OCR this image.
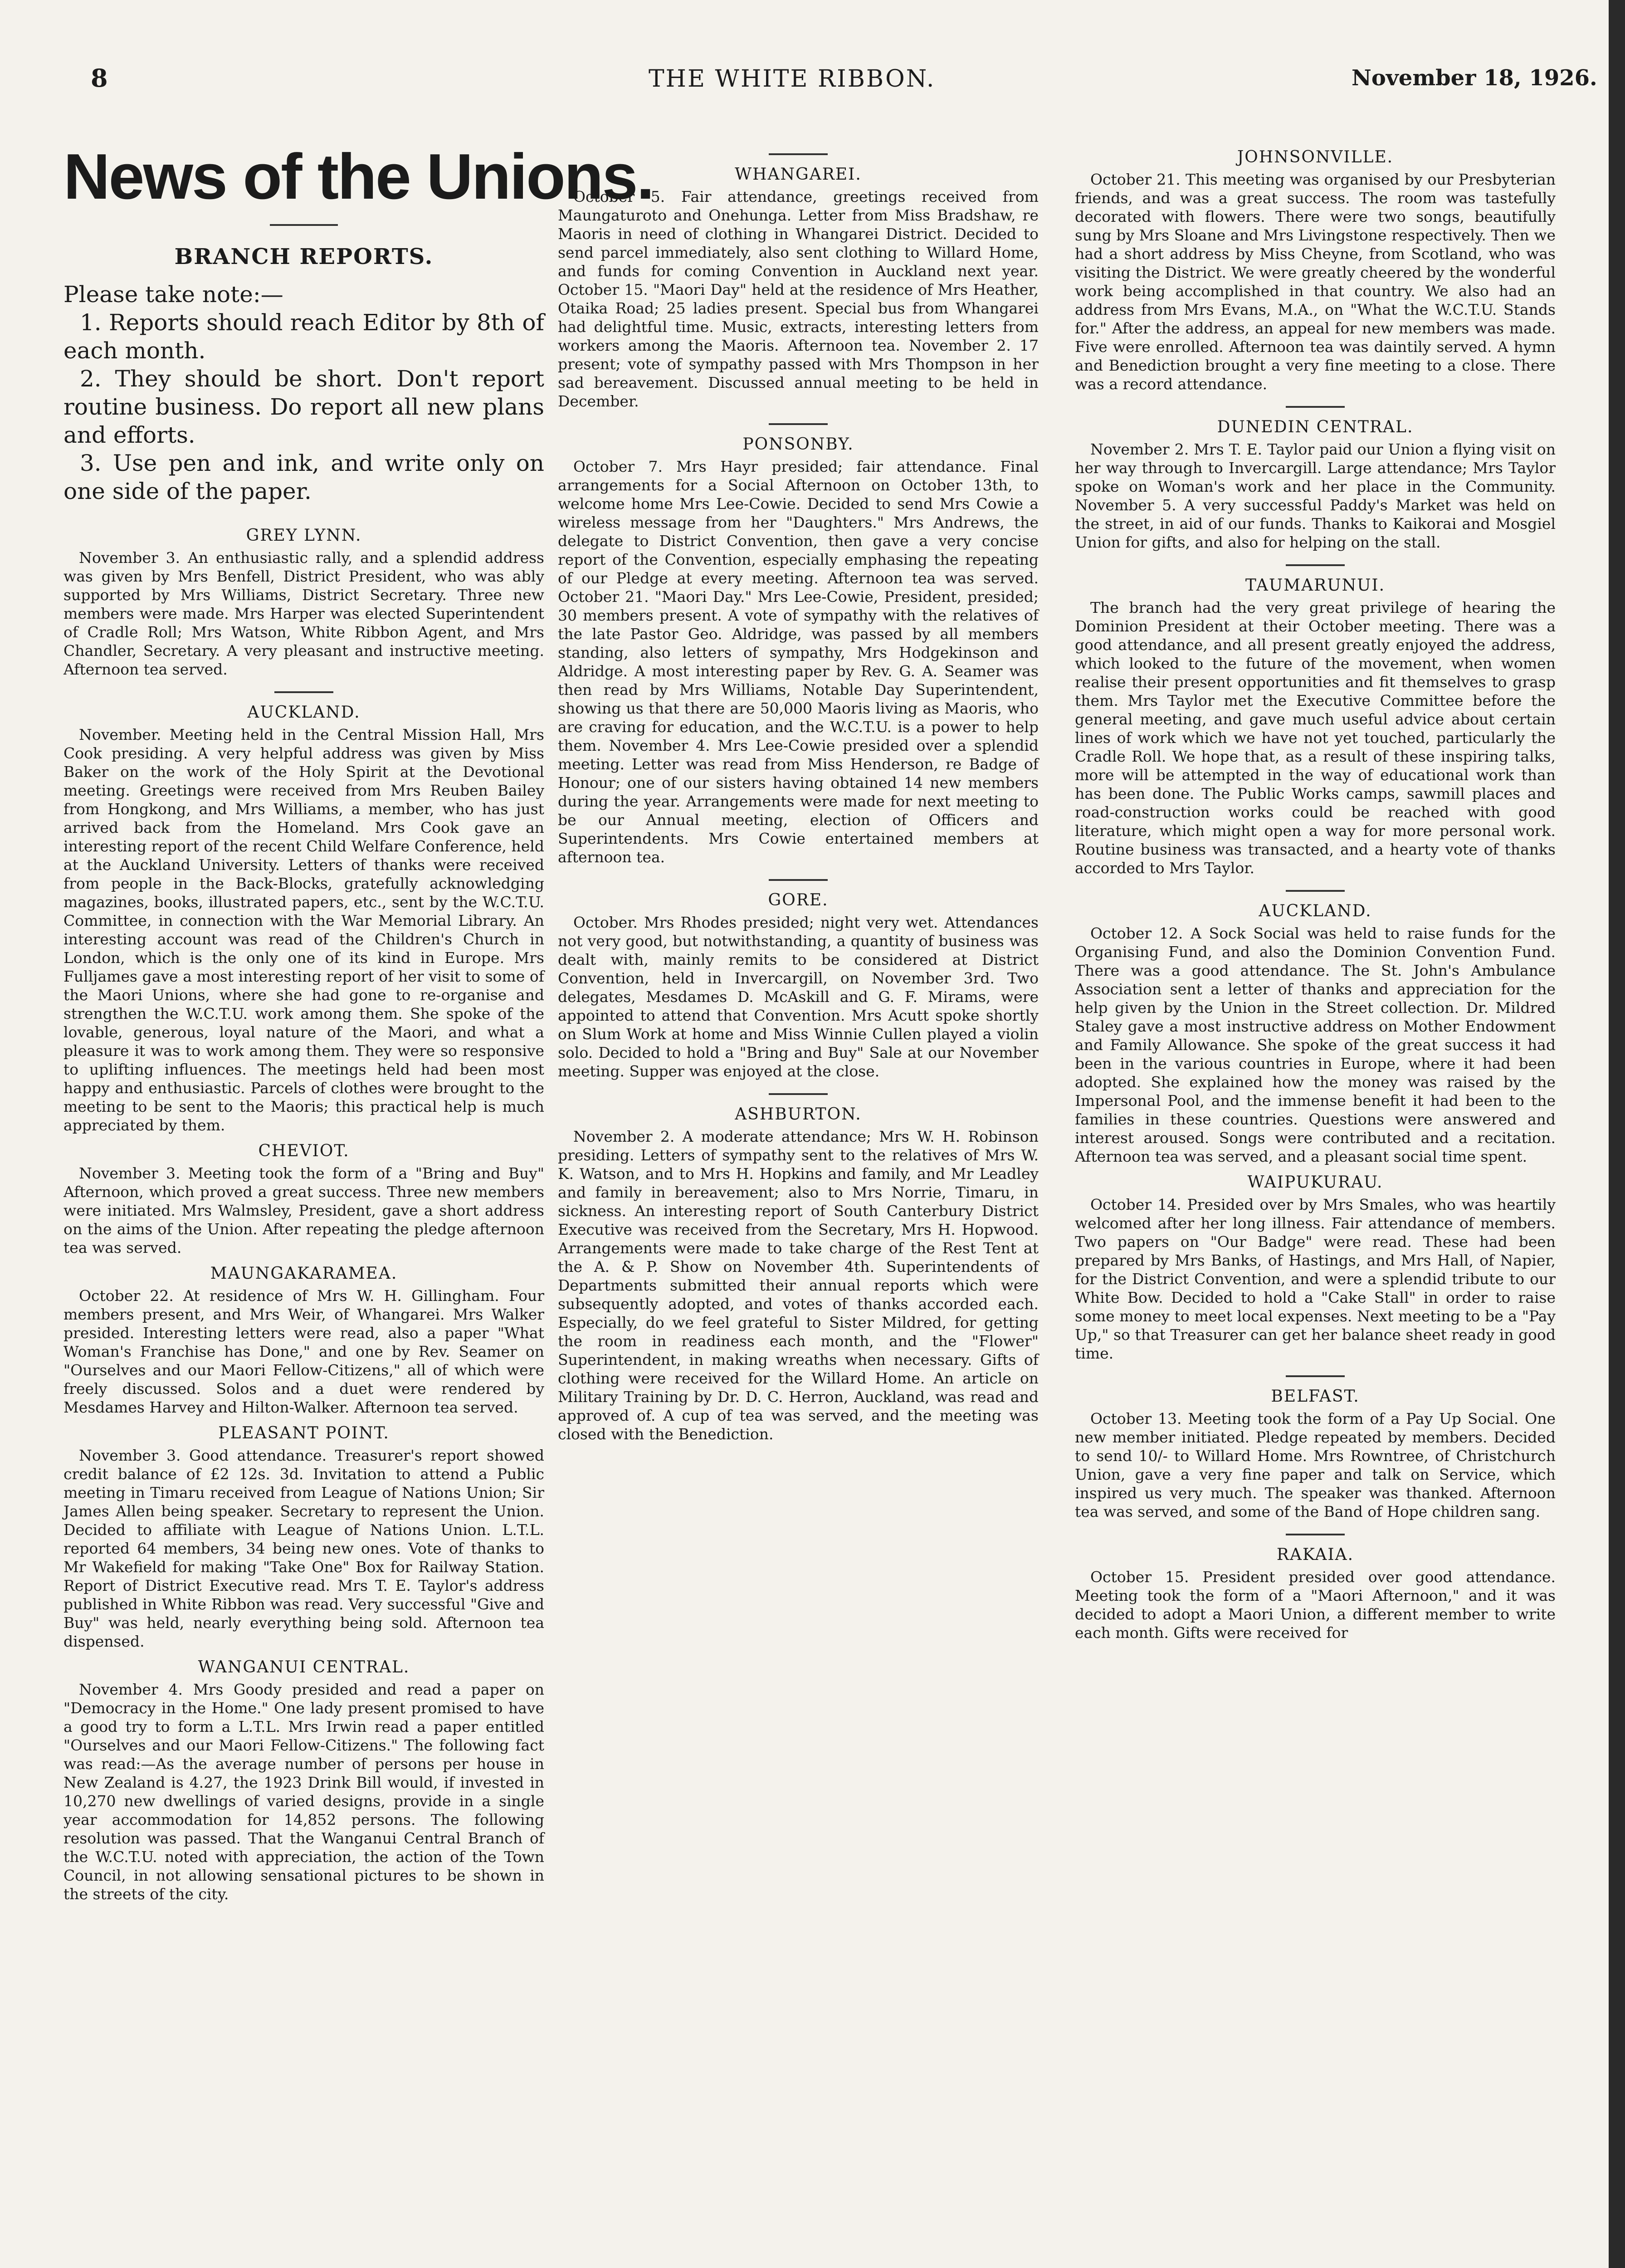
8	THE WHITE RIBBON.	November 18, 1926.
News of the Unions.
BRANCH REPORTS.

Please take note:—

1. Reports should reach Editor by 8th of each month.

2. They should be short. Don't report routine business. Do report all new plans and efforts.

3. Use pen and ink, and write only on one side of the paper.

GREY LYNN.

November 3. An enthusiastic rally, and a splendid address was given by Mrs Benfell, District President, who was ably supported by Mrs Williams, District Secretary. Three new members were made. Mrs Harper was elected Superintendent of Cradle Roll; Mrs Watson, White Ribbon Agent, and Mrs Chandler, Secretary. A very pleasant and instructive meeting. Afternoon tea served.

AUCKLAND.

November. Meeting held in the Central Mission Hall, Mrs Cook presiding. A very helpful address was given by Miss Baker on the work of the Holy Spirit at the Devotional meeting. Greetings were received from Mrs Reuben Bailey from Hongkong, and Mrs Williams, a member, who has just arrived back from the Homeland. Mrs Cook gave an interesting report of the recent Child Welfare Conference, held at the Auckland University. Letters of thanks were received from people in the Back-Blocks, gratefully acknowledging magazines, books, illustrated papers, etc., sent by the W.C.T.U. Committee, in connection with the War Memorial Library. An interesting account was read of the Children's Church in London, which is the only one of its kind in Europe. Mrs Fulljames gave a most interesting report of her visit to some of the Maori Unions, where she had gone to re-organise and strengthen the W.C.T.U. work among them. She spoke of the lovable, generous, loyal nature of the Maori, and what a pleasure it was to work among them. They were so responsive to uplifting influences. The meetings held had been most happy and enthusiastic. Parcels of clothes were brought to the meeting to be sent to the Maoris; this practical help is much appreciated by them.

CHEVIOT.

November 3. Meeting took the form of a "Bring and Buy" Afternoon, which proved a great success. Three new members were initiated. Mrs Walmsley, President, gave a short address on the aims of the Union. After repeating the pledge afternoon tea was served.

MAUNGAKARAMEA.

October 22. At residence of Mrs W. H. Gillingham. Four members present, and Mrs Weir, of Whangarei. Mrs Walker presided. Interesting letters were read, also a paper "What Woman's Franchise has Done," and one by Rev. Seamer on "Ourselves and our Maori Fellow-Citizens," all of which were freely discussed. Solos and a duet were rendered by Mesdames Harvey and Hilton-Walker. Afternoon tea served.

PLEASANT POINT.

November 3. Good attendance. Treasurer's report showed credit balance of £2 12s. 3d. Invitation to attend a Public meeting in Timaru received from League of Nations Union; Sir James Allen being speaker. Secretary to represent the Union. Decided to affiliate with League of Nations Union. L.T.L. reported 64 members, 34 being new ones. Vote of thanks to Mr Wakefield for making "Take One" Box for Railway Station. Report of District Executive read. Mrs T. E. Taylor's address published in White Ribbon was read. Very successful "Give and Buy" was held, nearly everything being sold. Afternoon tea dispensed.

WANGANUI CENTRAL.

November 4. Mrs Goody presided and read a paper on "Democracy in the Home." One lady present promised to have a good try to form a L.T.L. Mrs Irwin read a paper entitled "Ourselves and our Maori Fellow-Citizens." The following fact was read:—As the average number of persons per house in New Zealand is 4.27, the 1923 Drink Bill would, if invested in 10,270 new dwellings of varied designs, provide in a single year accommodation for 14,852 persons. The following resolution was passed. That the Wanganui Central Branch of the W.C.T.U. noted with appreciation, the action of the Town Council, in not allowing sensational pictures to be shown in the streets of the city.

WHANGAREI.

October 5. Fair attendance, greetings received from Maungaturoto and Onehunga. Letter from Miss Bradshaw, re Maoris in need of clothing in Whangarei District. Decided to send parcel immediately, also sent clothing to Willard Home, and funds for coming Convention in Auckland next year. October 15. "Maori Day" held at the residence of Mrs Heather, Otaika Road; 25 ladies present. Special bus from Whangarei had delightful time. Music, extracts, interesting letters from workers among the Maoris. Afternoon tea. November 2. 17 present; vote of sympathy passed with Mrs Thompson in her sad bereavement. Discussed annual meeting to be held in December.

PONSONBY.

October 7. Mrs Hayr presided; fair attendance. Final arrangements for a Social Afternoon on October 13th, to welcome home Mrs Lee-Cowie. Decided to send Mrs Cowie a wireless message from her "Daughters." Mrs Andrews, the delegate to District Convention, then gave a very concise report of the Convention, especially emphasing the repeating of our Pledge at every meeting. Afternoon tea was served. October 21. "Maori Day." Mrs Lee-Cowie, President, presided; 30 members present. A vote of sympathy with the relatives of the late Pastor Geo. Aldridge, was passed by all members standing, also letters of sympathy, Mrs Hodgekinson and Aldridge. A most interesting paper by Rev. G. A. Seamer was then read by Mrs Williams, Notable Day Superintendent, showing us that there are 50,000 Maoris living as Maoris, who are craving for education, and the W.C.T.U. is a power to help them. November 4. Mrs Lee-Cowie presided over a splendid meeting. Letter was read from Miss Henderson, re Badge of Honour; one of our sisters having obtained 14 new members during the year. Arrangements were made for next meeting to be our Annual meeting, election of Officers and Superintendents. Mrs Cowie entertained members at afternoon tea.

GORE.

October. Mrs Rhodes presided; night very wet. Attendances not very good, but notwithstanding, a quantity of business was dealt with, mainly remits to be considered at District Convention, held in Invercargill, on November 3rd. Two delegates, Mesdames D. McAskill and G. F. Mirams, were appointed to attend that Convention. Mrs Acutt spoke shortly on Slum Work at home and Miss Winnie Cullen played a violin solo. Decided to hold a "Bring and Buy" Sale at our November meeting. Supper was enjoyed at the close.

ASHBURTON.

November 2. A moderate attendance; Mrs W. H. Robinson presiding. Letters of sympathy sent to the relatives of Mrs W. K. Watson, and to Mrs H. Hopkins and family, and Mr Leadley and family in bereavement; also to Mrs Norrie, Timaru, in sickness. An interesting report of South Canterbury District Executive was received from the Secretary, Mrs H. Hopwood. Arrangements were made to take charge of the Rest Tent at the A. & P. Show on November 4th. Superintendents of Departments submitted their annual reports which were subsequently adopted, and votes of thanks accorded each. Especially, do we feel grateful to Sister Mildred, for getting the room in readiness each month, and the "Flower" Superintendent, in making wreaths when necessary. Gifts of clothing were received for the Willard Home. An article on Military Training by Dr. D. C. Herron, Auckland, was read and approved of. A cup of tea was served, and the meeting was closed with the Benediction.

JOHNSONVILLE.

October 21. This meeting was organised by our Presbyterian friends, and was a great success. The room was tastefully decorated with flowers. There were two songs, beautifully sung by Mrs Sloane and Mrs Livingstone respectively. Then we had a short address by Miss Cheyne, from Scotland, who was visiting the District. We were greatly cheered by the wonderful work being accomplished in that country. We also had an address from Mrs Evans, M.A., on "What the W.C.T.U. Stands for." After the address, an appeal for new members was made. Five were enrolled. Afternoon tea was daintily served. A hymn and Benediction brought a very fine meeting to a close. There was a record attendance.

DUNEDIN CENTRAL.

November 2. Mrs T. E. Taylor paid our Union a flying visit on her way through to Invercargill. Large attendance; Mrs Taylor spoke on Woman's work and her place in the Community. November 5. A very successful Paddy's Market was held on the street, in aid of our funds. Thanks to Kaikorai and Mosgiel Union for gifts, and also for helping on the stall.

TAUMARUNUI.

The branch had the very great privilege of hearing the Dominion President at their October meeting. There was a good attendance, and all present greatly enjoyed the address, which looked to the future of the movement, when women realise their present opportunities and fit themselves to grasp them. Mrs Taylor met the Executive Committee before the general meeting, and gave much useful advice about certain lines of work which we have not yet touched, particularly the Cradle Roll. We hope that, as a result of these inspiring talks, more will be attempted in the way of educational work than has been done. The Public Works camps, sawmill places and road-construction works could be reached with good literature, which might open a way for more personal work. Routine business was transacted, and a hearty vote of thanks accorded to Mrs Taylor.

AUCKLAND.

October 12. A Sock Social was held to raise funds for the Organising Fund, and also the Dominion Convention Fund. There was a good attendance. The St. John's Ambulance Association sent a letter of thanks and appreciation for the help given by the Union in the Street collection. Dr. Mildred Staley gave a most instructive address on Mother Endowment and Family Allowance. She spoke of the great success it had been in the various countries in Europe, where it had been adopted. She explained how the money was raised by the Impersonal Pool, and the immense benefit it had been to the families in these countries. Questions were answered and interest aroused. Songs were contributed and a recitation. Afternoon tea was served, and a pleasant social time spent.

WAIPUKURAU.

October 14. Presided over by Mrs Smales, who was heartily welcomed after her long illness. Fair attendance of members. Two papers on "Our Badge" were read. These had been prepared by Mrs Banks, of Hastings, and Mrs Hall, of Napier, for the District Convention, and were a splendid tribute to our White Bow. Decided to hold a "Cake Stall" in order to raise some money to meet local expenses. Next meeting to be a "Pay Up," so that Treasurer can get her balance sheet ready in good time.

BELFAST.

October 13. Meeting took the form of a Pay Up Social. One new member initiated. Pledge repeated by members. Decided to send 10/- to Willard Home. Mrs Rowntree, of Christchurch Union, gave a very fine paper and talk on Service, which inspired us very much. The speaker was thanked. Afternoon tea was served, and some of the Band of Hope children sang.

RAKAIA.

October 15. President presided over good attendance. Meeting took the form of a "Maori Afternoon," and it was decided to adopt a Maori Union, a different member to write each month. Gifts were received for
